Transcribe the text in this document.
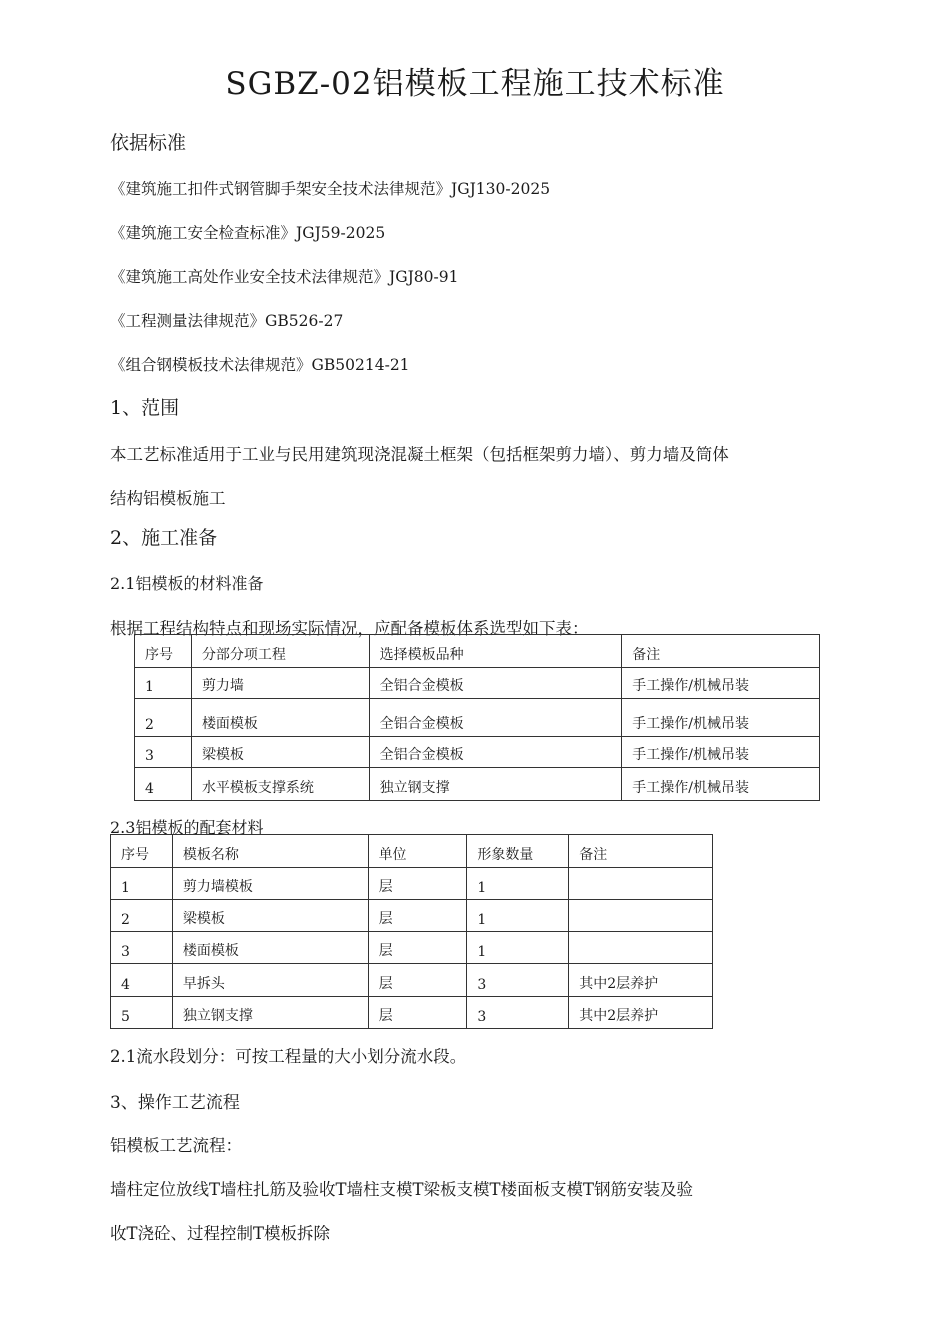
SGBZ-02铝模板工程施工技术标准
依据标准
《建筑施工扣件式钢管脚手架安全技术法律规范》JGJ130-2025
《建筑施工安全检查标准》JGJ59-2025
《建筑施工高处作业安全技术法律规范》JGJ80-91
《工程测量法律规范》GB526-27
《组合钢模板技术法律规范》GB50214-21
1、范围
本工艺标准适用于工业与民用建筑现浇混凝土框架（包括框架剪力墙）、剪力墙及筒体
结构铝模板施工
2、施工准备
2.1铝模板的材料准备
根据工程结构特点和现场实际情况，应配备模板体系选型如下表：
序号	分部分项工程	选择模板品种	备注
1	剪力墙	全铝合金模板	手工操作/机械吊装
2	楼面模板	全铝合金模板	手工操作/机械吊装
3	梁模板	全铝合金模板	手工操作/机械吊装
4	水平模板支撑系统	独立钢支撑	手工操作/机械吊装
2.3铝模板的配套材料
序号	模板名称	单位	形象数量	备注
1	剪力墙模板	层	1	
2	梁模板	层	1	
3	楼面模板	层	1	
4	早拆头	层	3	其中2层养护
5	独立钢支撑	层	3	其中2层养护
2.1流水段划分：可按工程量的大小划分流水段。
3、操作工艺流程
铝模板工艺流程：
墙柱定位放线T墙柱扎筋及验收T墙柱支模T梁板支模T楼面板支模T钢筋安装及验
收T浇砼、过程控制T模板拆除
